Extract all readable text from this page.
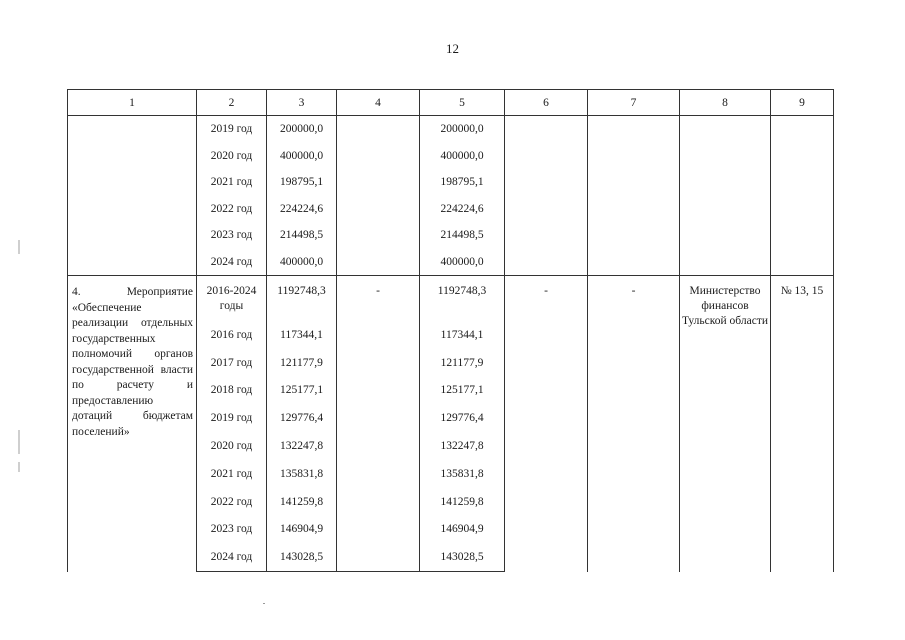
12
1	2	3	4	5	6	7	8	9
	2019 год	200000,0		200000,0				
	2020 год	400000,0		400000,0				
	2021 год	198795,1		198795,1				
	2022 год	224224,6		224224,6				
	2023 год	214498,5		214498,5				
	2024 год	400000,0		400000,0				

4. Мероприятие «Обеспечение реализации отдельных государственных полномочий органов государственной власти по расчету и предоставлению дотаций бюджетам поселений»	2016-2024 годы	1192748,3	-	1192748,3	-	-	Министерство финансов Тульской области	№ 13, 15

	2016 год	117344,1		117344,1				
	2017 год	121177,9		121177,9				
	2018 год	125177,1		125177,1				
	2019 год	129776,4		129776,4				
	2020 год	132247,8		132247,8				
	2021 год	135831,8		135831,8				
	2022 год	141259,8		141259,8				
	2023 год	146904,9		146904,9				
	2024 год	143028,5		143028,5				
